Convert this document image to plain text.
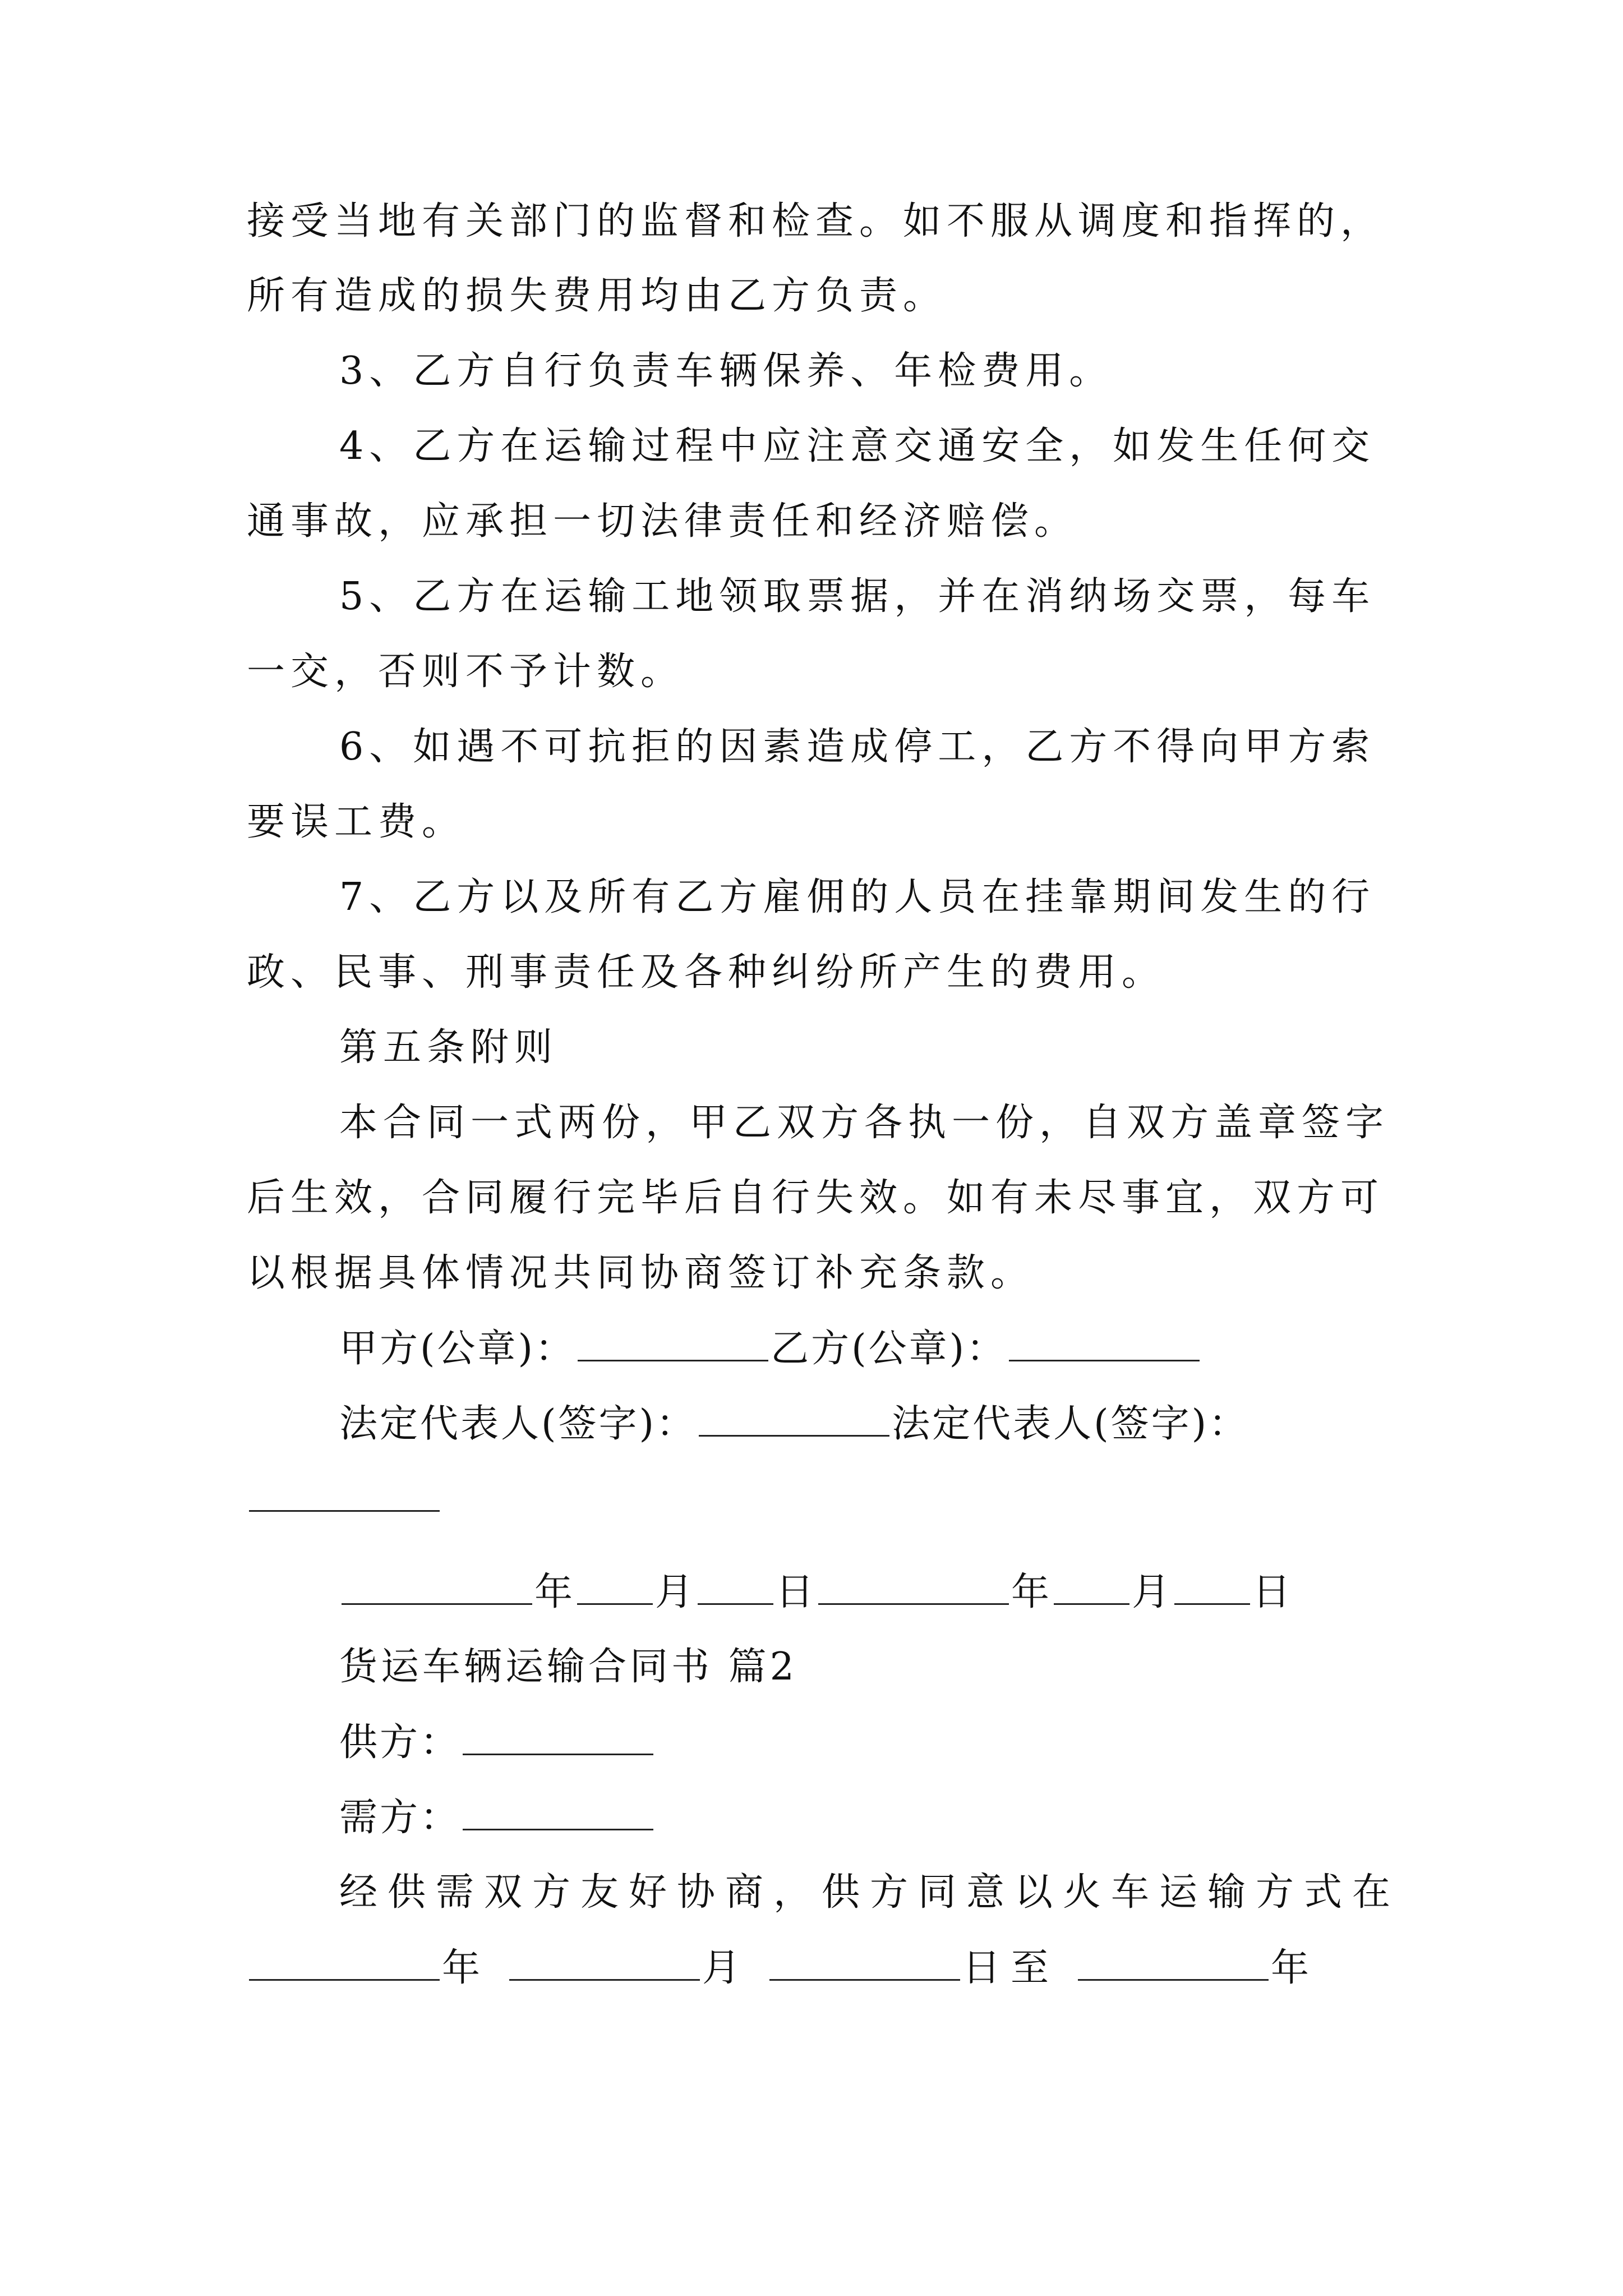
接受当地有关部门的监督和检查。如不服从调度和指挥的，
所有造成的损失费用均由乙方负责。
3、乙方自行负责车辆保养、年检费用。
4、乙方在运输过程中应注意交通安全，如发生任何交
通事故，应承担一切法律责任和经济赔偿。
5、乙方在运输工地领取票据，并在消纳场交票，每车
一交，否则不予计数。
6、如遇不可抗拒的因素造成停工，乙方不得向甲方索
要误工费。
7、乙方以及所有乙方雇佣的人员在挂靠期间发生的行
政、民事、刑事责任及各种纠纷所产生的费用。
第五条附则
本合同一式两份，甲乙双方各执一份，自双方盖章签字
后生效，合同履行完毕后自行失效。如有未尽事宜，双方可
以根据具体情况共同协商签订补充条款。
甲方(公章)：	乙方(公章)：
法定代表人(签字)：	法定代表人(签字)：
年 月 日	年 月 日
货运车辆运输合同书 篇2
供方：
需方：
经供需双方友好协商，供方同意以火车运输方式在
年	月	日至	年
